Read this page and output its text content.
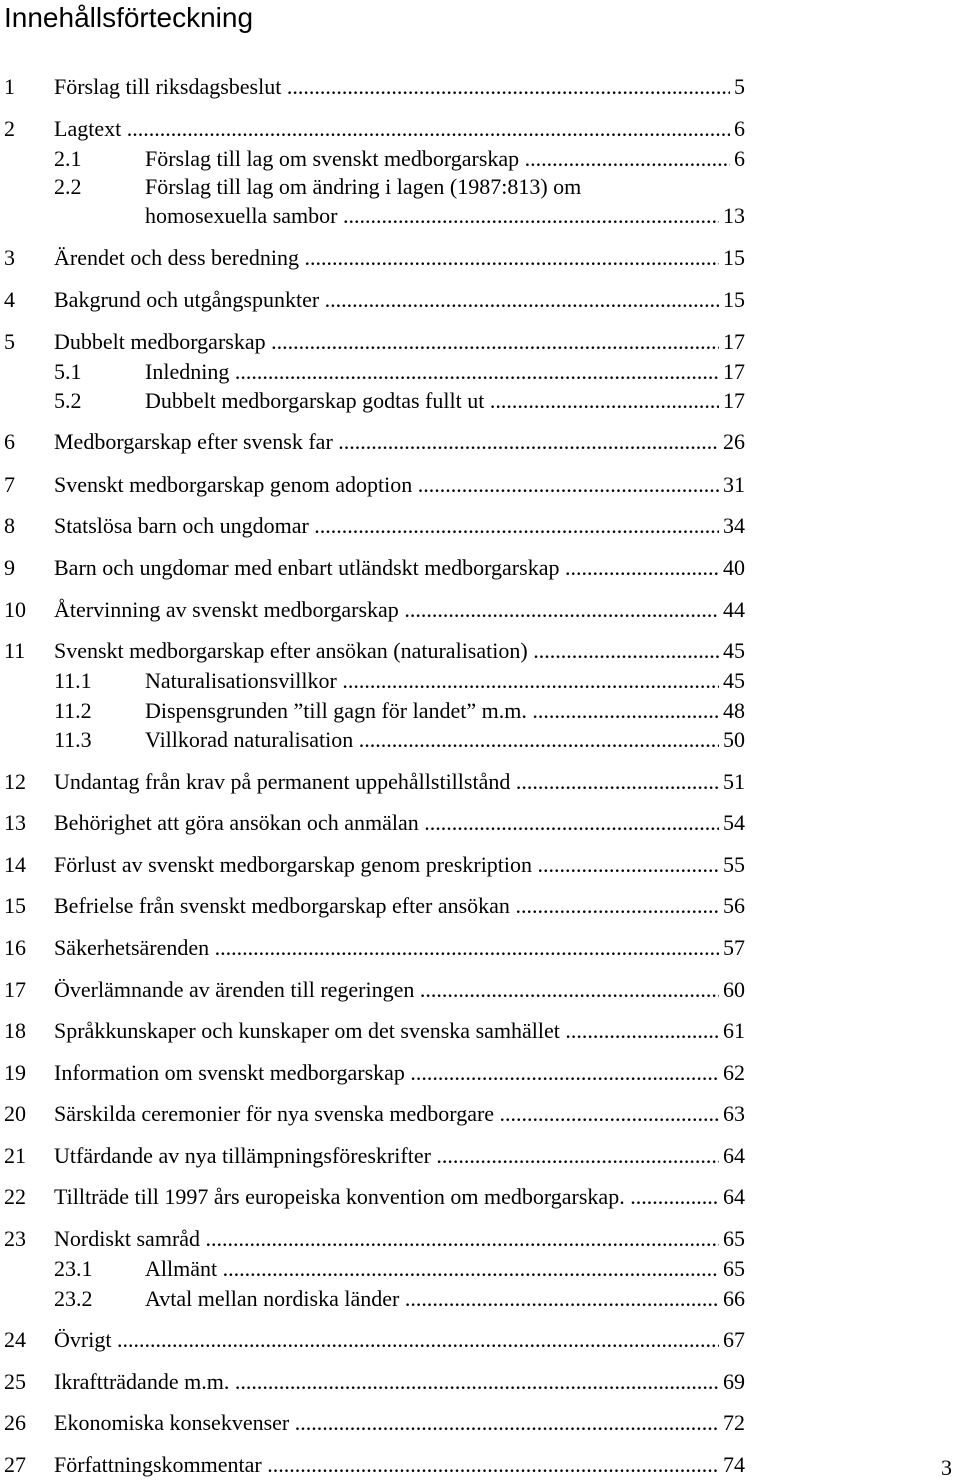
Innehållsförteckning
1 Förslag till riksdagsbeslut .....	5
2 Lagtext .....	6
2.1	Förslag till lag om svenskt medborgarskap .....	6
2.2	Förslag till lag om ändring i lagen (1987:813) om
homosexuella sambor .....	13
3 Ärendet och dess beredning .....	15
4 Bakgrund och utgångspunkter .....	15
5 Dubbelt medborgarskap .....	17
5.1	Inledning .....	17
5.2	Dubbelt medborgarskap godtas fullt ut .....	17
6 Medborgarskap efter svensk far .....	26
7 Svenskt medborgarskap genom adoption .....	31
8 Statslösa barn och ungdomar .....	34
9 Barn och ungdomar med enbart utländskt medborgarskap .....	40
10 Återvinning av svenskt medborgarskap .....	44
11 Svenskt medborgarskap efter ansökan (naturalisation) .....	45
11.1 Naturalisationsvillkor .....	45
11.2 Dispensgrunden ”till gagn för landet” m.m. .....	48
11.3 Villkorad naturalisation .....	50
12 Undantag från krav på permanent uppehållstillstånd .....	51
13 Behörighet att göra ansökan och anmälan .....	54
14 Förlust av svenskt medborgarskap genom preskription .....	55
15 Befrielse från svenskt medborgarskap efter ansökan .....	56
16 Säkerhetsärenden .....	57
17 Överlämnande av ärenden till regeringen .....	60
18 Språkkunskaper och kunskaper om det svenska samhället .....	61
19 Information om svenskt medborgarskap .....	62
20 Särskilda ceremonier för nya svenska medborgare .....	63
21 Utfärdande av nya tillämpningsföreskrifter .....	64
22 Tillträde till 1997 års europeiska konvention om medborgarskap. .....	64
23 Nordiskt samråd .....	65
23.1 Allmänt .....	65
23.2 Avtal mellan nordiska länder .....	66
24 Övrigt .....	67
25 Ikraftträdande m.m. .....	69
26 Ekonomiska konsekvenser .....	72
27 Författningskommentar .....	74	3
